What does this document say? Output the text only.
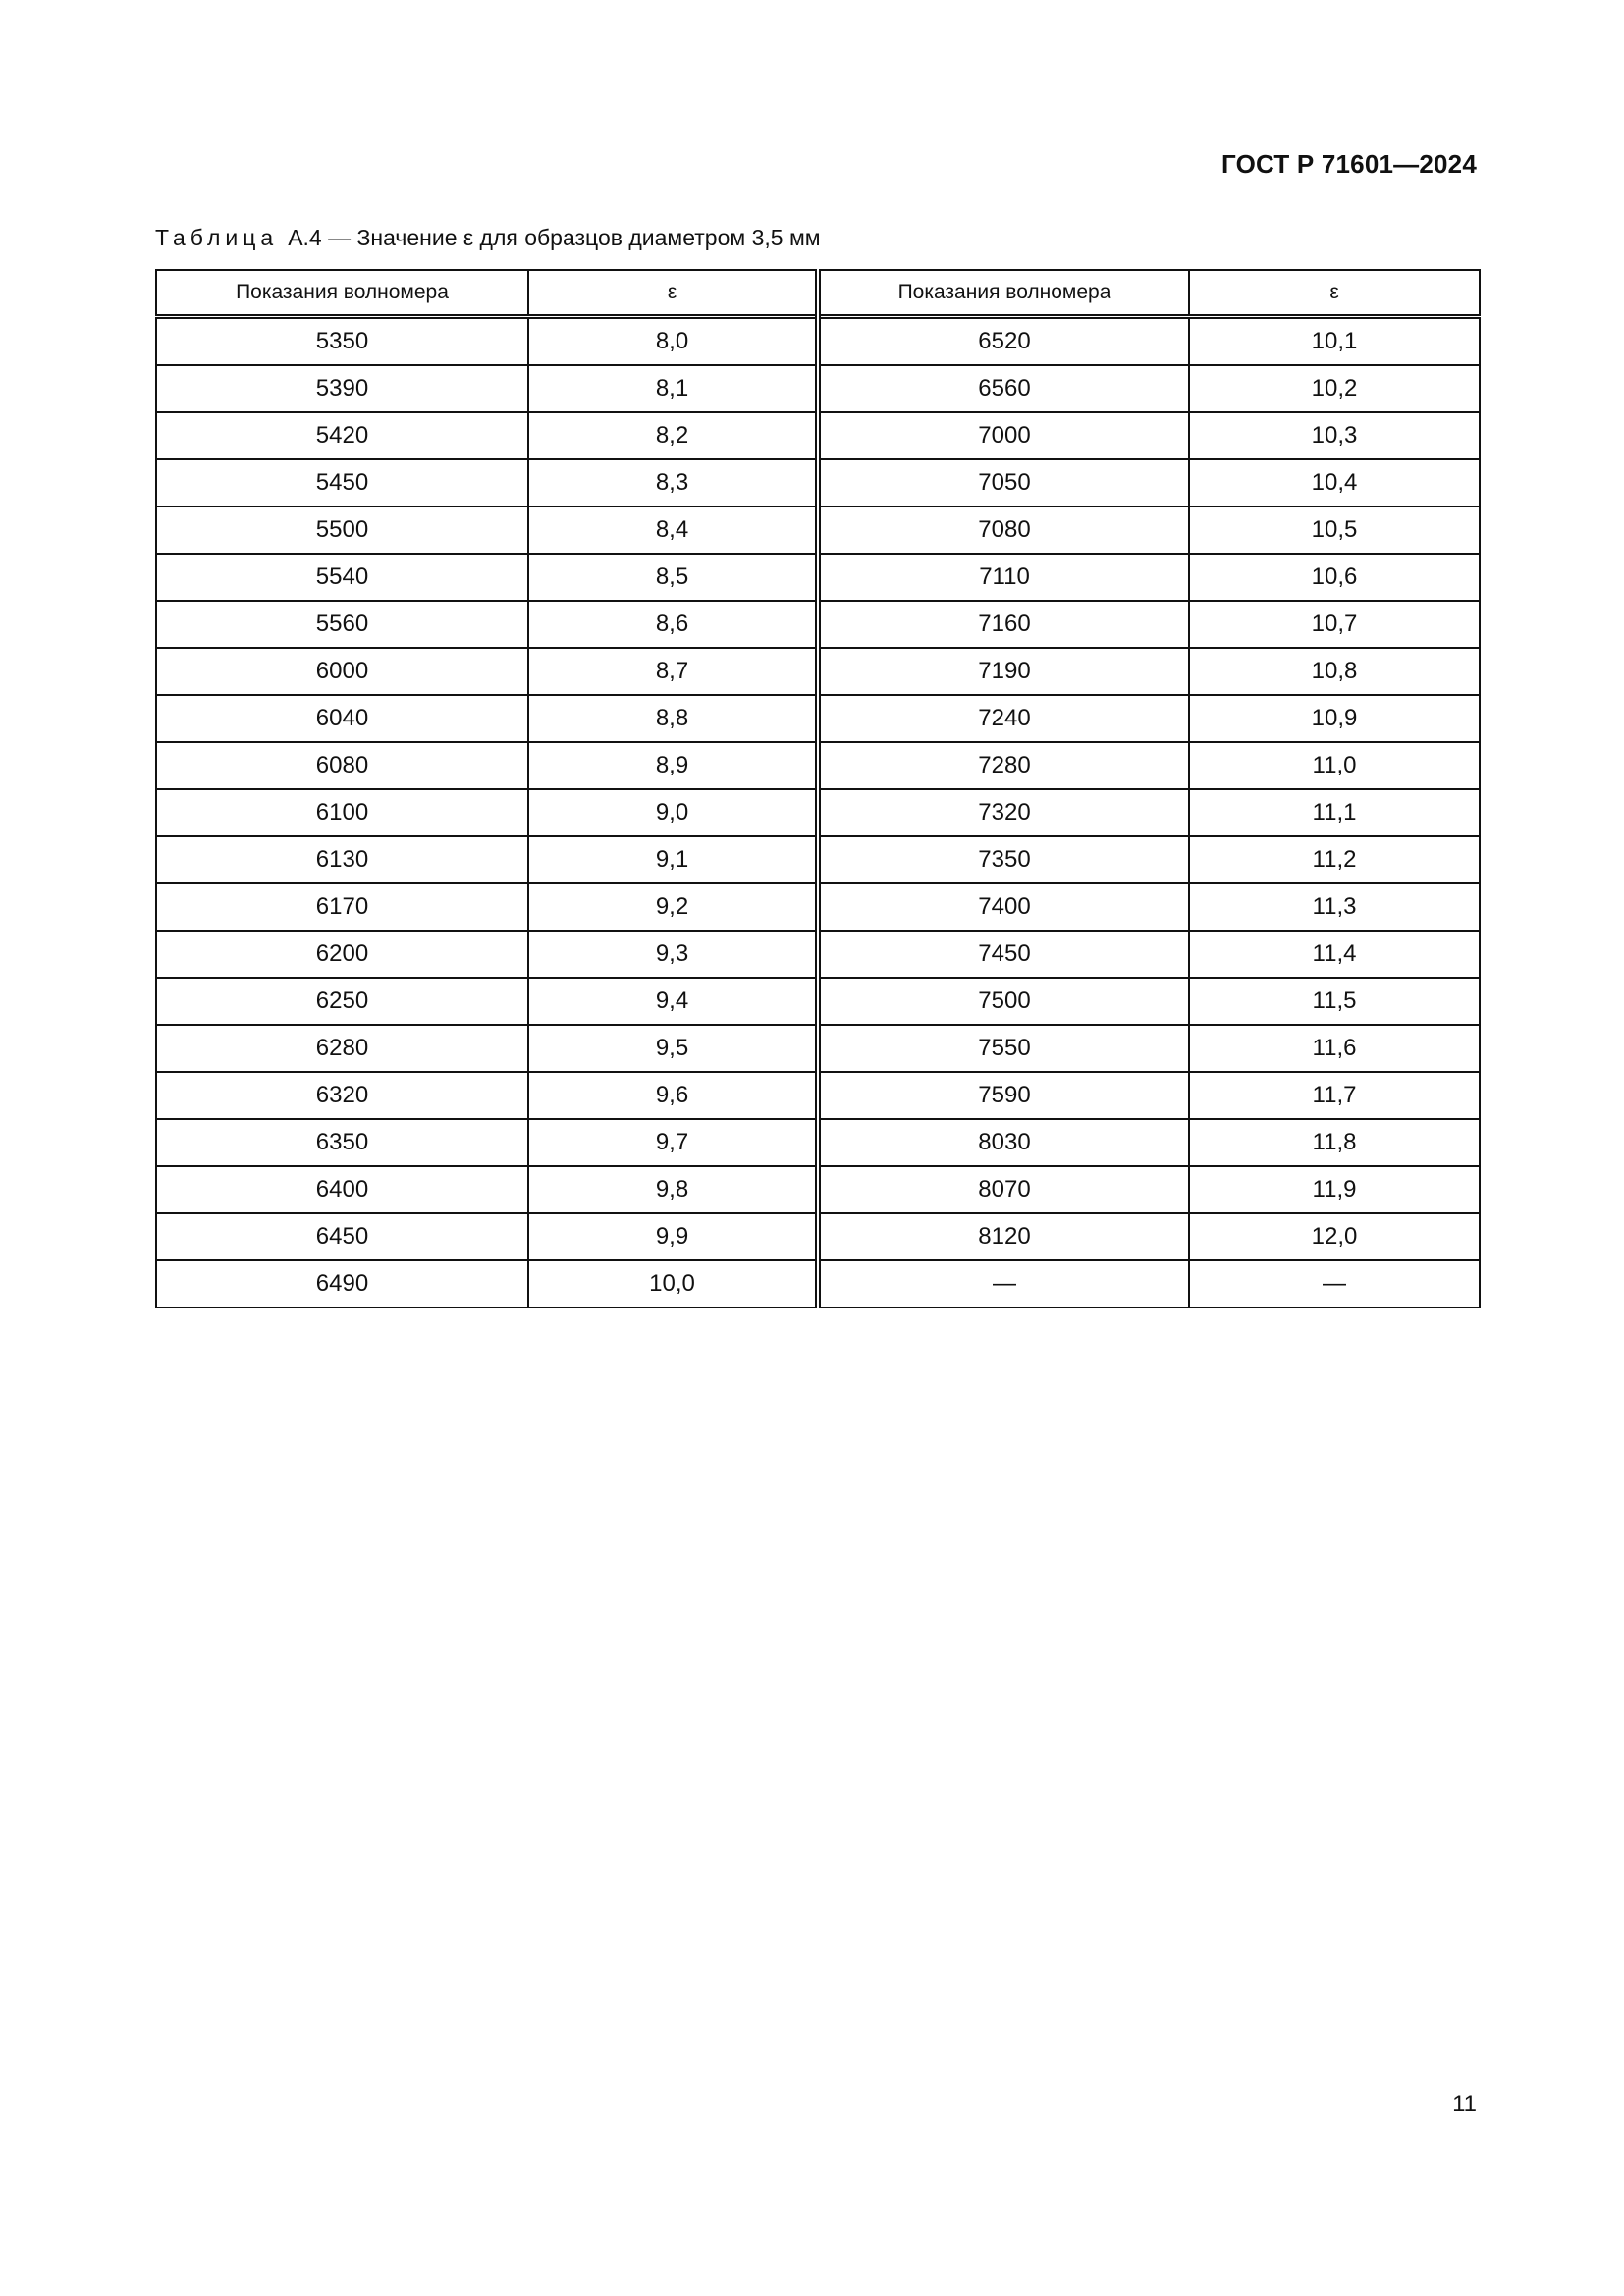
ГОСТ Р 71601—2024
Таблица А.4 — Значение ε для образцов диаметром 3,5 мм
Показания волномера	ε	Показания волномера	ε
5350	8,0	6520	10,1
5390	8,1	6560	10,2
5420	8,2	7000	10,3
5450	8,3	7050	10,4
5500	8,4	7080	10,5
5540	8,5	7110	10,6
5560	8,6	7160	10,7
6000	8,7	7190	10,8
6040	8,8	7240	10,9
6080	8,9	7280	11,0
6100	9,0	7320	11,1
6130	9,1	7350	11,2
6170	9,2	7400	11,3
6200	9,3	7450	11,4
6250	9,4	7500	11,5
6280	9,5	7550	11,6
6320	9,6	7590	11,7
6350	9,7	8030	11,8
6400	9,8	8070	11,9
6450	9,9	8120	12,0
6490	10,0	—	—
11
